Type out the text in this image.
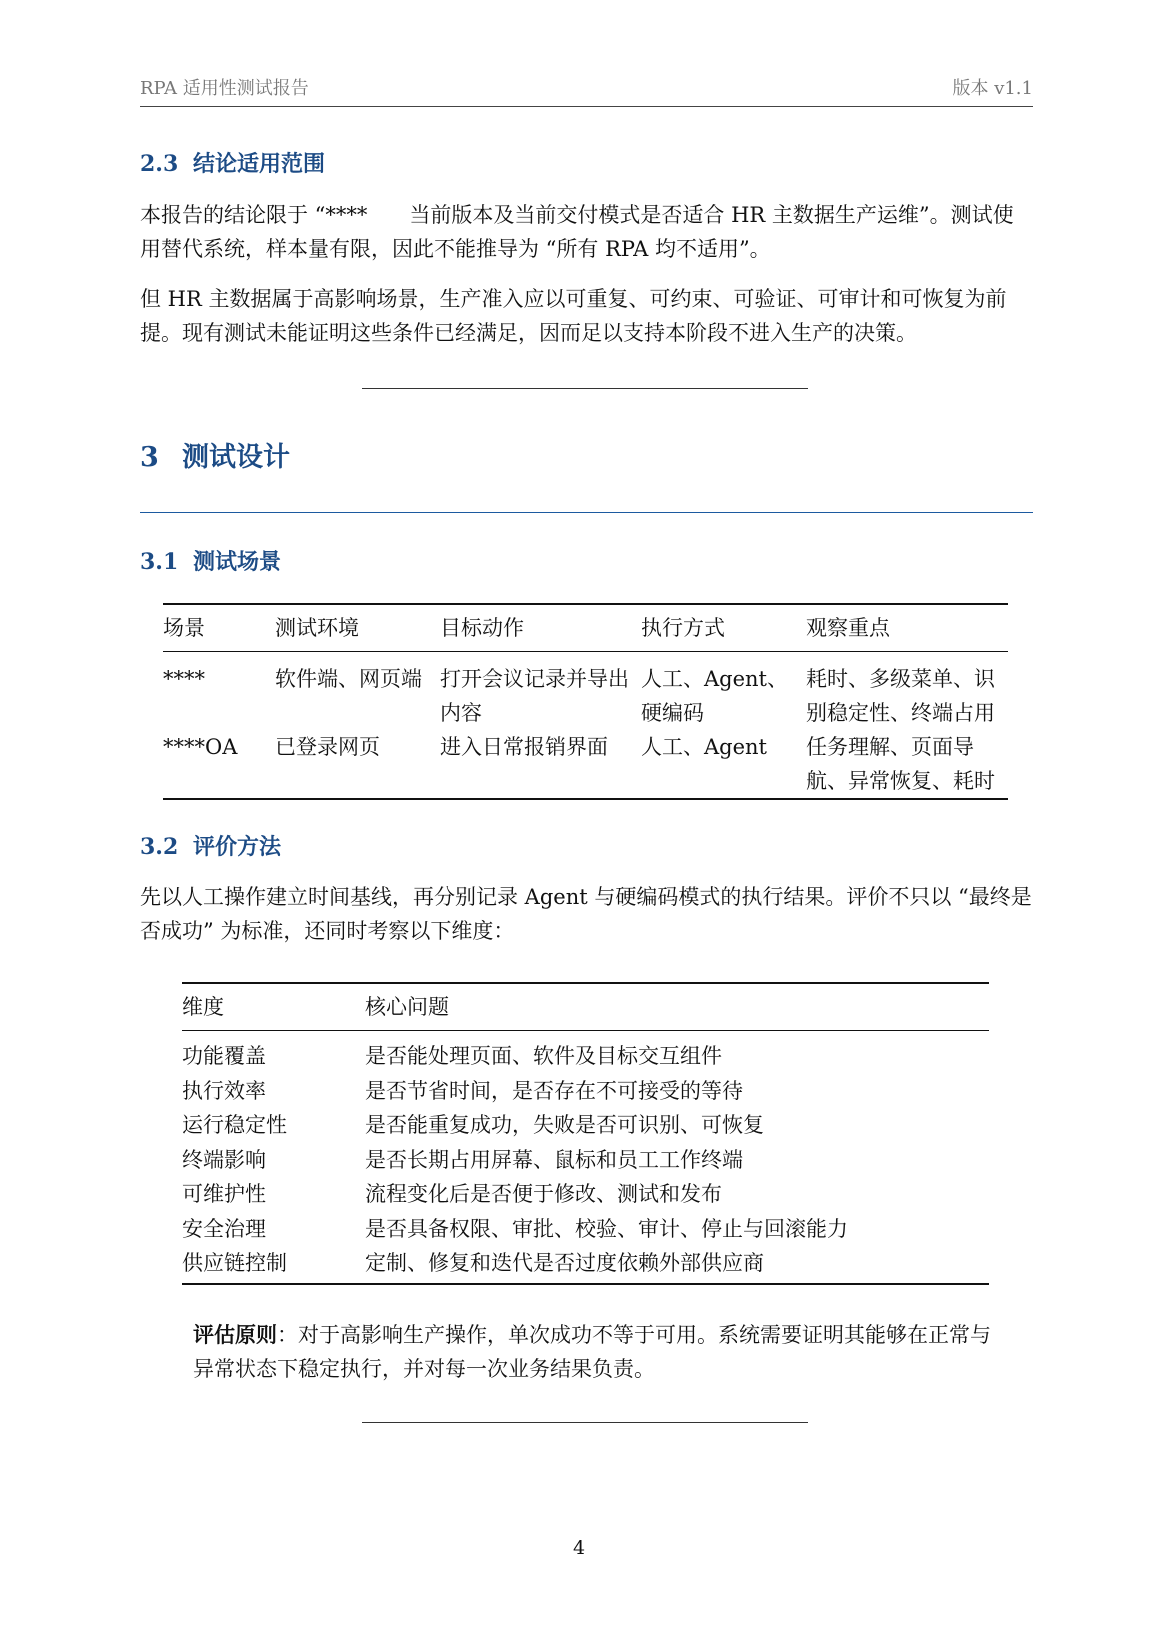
RPA 适用性测试报告	版本 v1.1
2.3 结论适用范围

本报告的结论限于 “****　　当前版本及当前交付模式是否适合 HR 主数据生产运维”。测试使用替代系统，样本量有限，因此不能推导为 “所有 RPA 均不适用”。

但 HR 主数据属于高影响场景，生产准入应以可重复、可约束、可验证、可审计和可恢复为前提。现有测试未能证明这些条件已经满足，因而足以支持本阶段不进入生产的决策。

3 测试设计
3.1 测试场景
场景	测试环境	目标动作	执行方式	观察重点
****	软件端、网页端	打开会议记录并导出内容	人工、Agent、硬编码	耗时、多级菜单、识别稳定性、终端占用
****OA	已登录网页	进入日常报销界面	人工、Agent	任务理解、页面导航、异常恢复、耗时
3.2 评价方法

先以人工操作建立时间基线，再分别记录 Agent 与硬编码模式的执行结果。评价不只以 “最终是否成功” 为标准，还同时考察以下维度：

维度	核心问题
功能覆盖	是否能处理页面、软件及目标交互组件
执行效率	是否节省时间，是否存在不可接受的等待
运行稳定性	是否能重复成功，失败是否可识别、可恢复
终端影响	是否长期占用屏幕、鼠标和员工工作终端
可维护性	流程变化后是否便于修改、测试和发布
安全治理	是否具备权限、审批、校验、审计、停止与回滚能力
供应链控制	定制、修复和迭代是否过度依赖外部供应商

评估原则：对于高影响生产操作，单次成功不等于可用。系统需要证明其能够在正常与异常状态下稳定执行，并对每一次业务结果负责。

4
